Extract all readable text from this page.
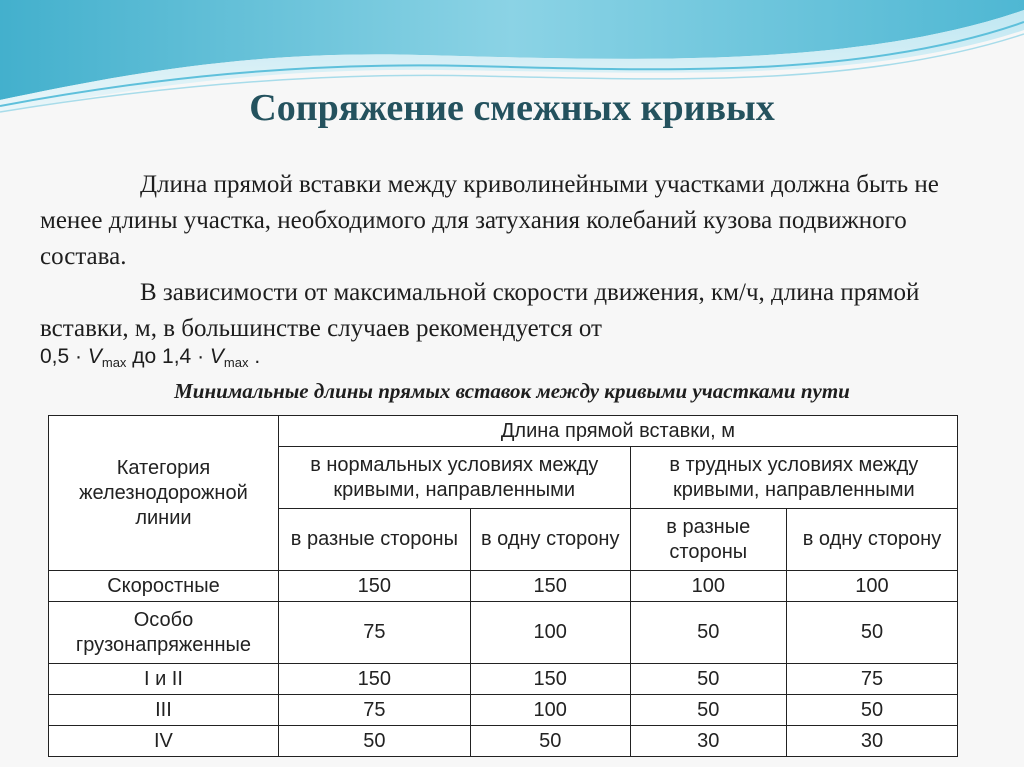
Сопряжение смежных кривых

Длина прямой вставки между криволинейными участками должна быть не менее длины участка, необходимого для затухания колебаний кузова подвижного состава.

В зависимости от максимальной скорости движения, км/ч, длина прямой вставки, м, в большинстве случаев рекомендуется от

$0,5 \cdot V_{max}$ до $1,4 \cdot V_{max}$ .
Минимальные длины прямых вставок между кривыми участками пути
Категория железнодорожной линии	Длина прямой вставки, м			
	в нормальных условиях между кривыми, направленными		в трудных условиях между кривыми, направленными	
	в разные стороны	в одну сторону	в разные стороны	в одну сторону
Скоростные	150	150	100	100
Особо грузонапряженные	75	100	50	50
I и II	150	150	50	75
III	75	100	50	50
IV	50	50	30	30
